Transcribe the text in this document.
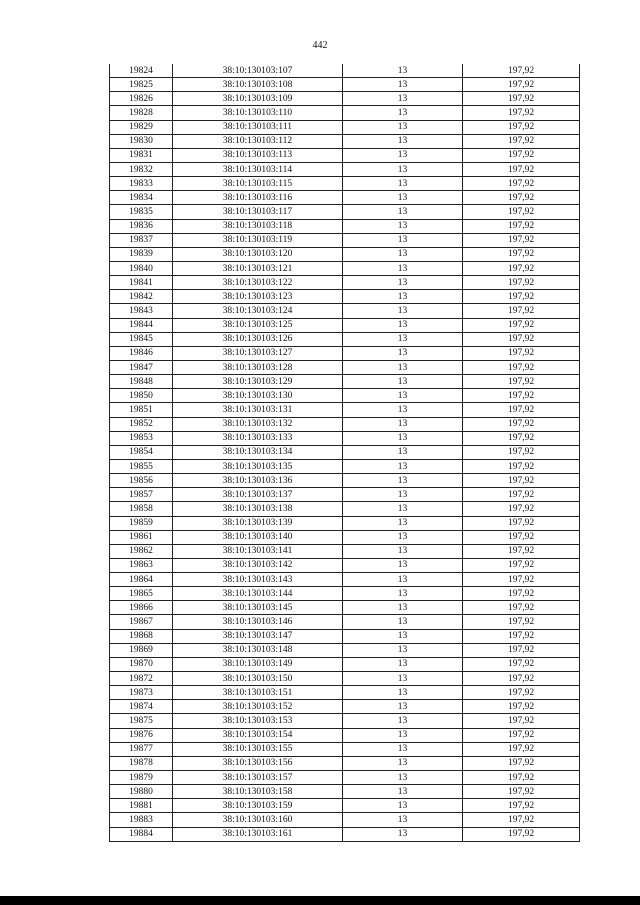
442
19824	38:10:130103:107	13	197,92
19825	38:10:130103:108	13	197,92
19826	38:10:130103:109	13	197,92
19828	38:10:130103:110	13	197,92
19829	38:10:130103:111	13	197,92
19830	38:10:130103:112	13	197,92
19831	38:10:130103:113	13	197,92
19832	38:10:130103:114	13	197,92
19833	38:10:130103:115	13	197,92
19834	38:10:130103:116	13	197,92
19835	38:10:130103:117	13	197,92
19836	38:10:130103:118	13	197,92
19837	38:10:130103:119	13	197,92
19839	38:10:130103:120	13	197,92
19840	38:10:130103:121	13	197,92
19841	38:10:130103:122	13	197,92
19842	38:10:130103:123	13	197,92
19843	38:10:130103:124	13	197,92
19844	38:10:130103:125	13	197,92
19845	38:10:130103:126	13	197,92
19846	38:10:130103:127	13	197,92
19847	38:10:130103:128	13	197,92
19848	38:10:130103:129	13	197,92
19850	38:10:130103:130	13	197,92
19851	38:10:130103:131	13	197,92
19852	38:10:130103:132	13	197,92
19853	38:10:130103:133	13	197,92
19854	38:10:130103:134	13	197,92
19855	38:10:130103:135	13	197,92
19856	38:10:130103:136	13	197,92
19857	38:10:130103:137	13	197,92
19858	38:10:130103:138	13	197,92
19859	38:10:130103:139	13	197,92
19861	38:10:130103:140	13	197,92
19862	38:10:130103:141	13	197,92
19863	38:10:130103:142	13	197,92
19864	38:10:130103:143	13	197,92
19865	38:10:130103:144	13	197,92
19866	38:10:130103:145	13	197,92
19867	38:10:130103:146	13	197,92
19868	38:10:130103:147	13	197,92
19869	38:10:130103:148	13	197,92
19870	38:10:130103:149	13	197,92
19872	38:10:130103:150	13	197,92
19873	38:10:130103:151	13	197,92
19874	38:10:130103:152	13	197,92
19875	38:10:130103:153	13	197,92
19876	38:10:130103:154	13	197,92
19877	38:10:130103:155	13	197,92
19878	38:10:130103:156	13	197,92
19879	38:10:130103:157	13	197,92
19880	38:10:130103:158	13	197,92
19881	38:10:130103:159	13	197,92
19883	38:10:130103:160	13	197,92
19884	38:10:130103:161	13	197,92
